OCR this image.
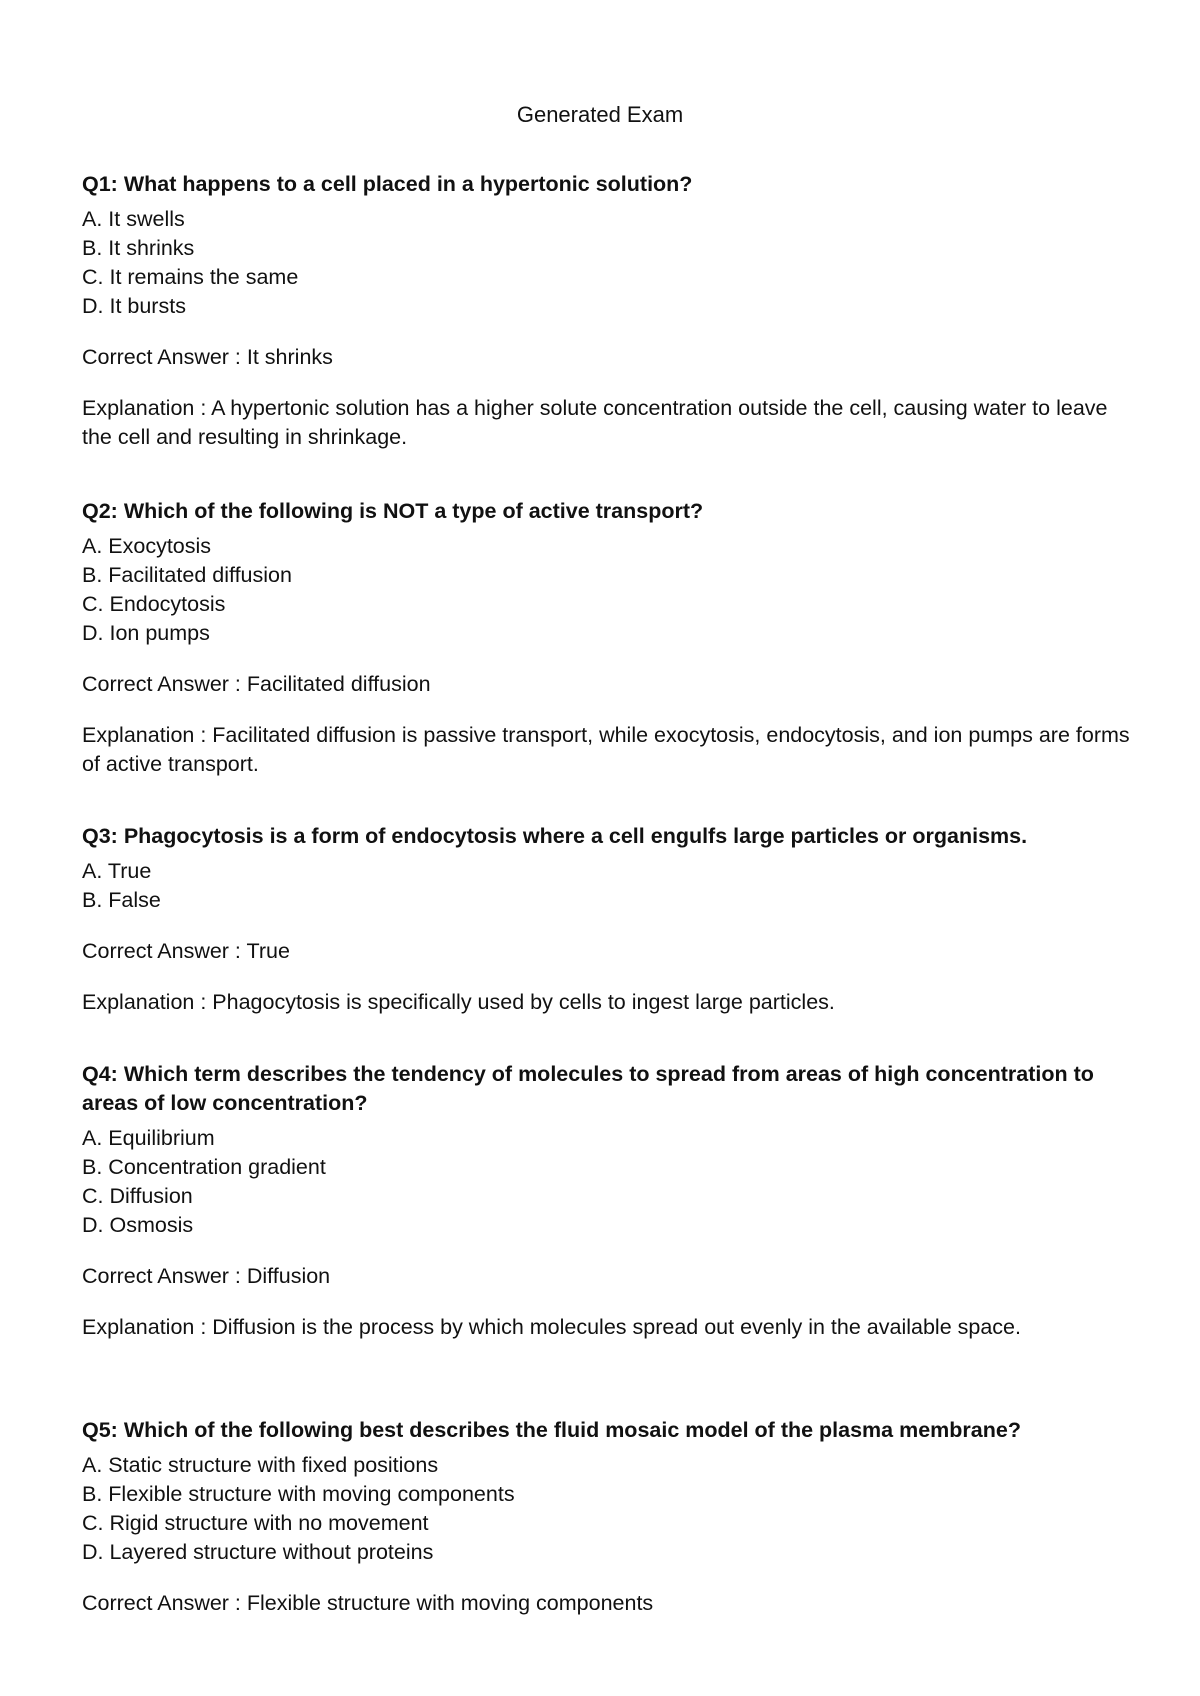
Generated Exam

Q1: What happens to a cell placed in a hypertonic solution?

A. It swells
B. It shrinks
C. It remains the same
D. It bursts

Correct Answer : It shrinks

Explanation : A hypertonic solution has a higher solute concentration outside the cell, causing water to leave the cell and resulting in shrinkage.

Q2: Which of the following is NOT a type of active transport?

A. Exocytosis
B. Facilitated diffusion
C. Endocytosis
D. Ion pumps

Correct Answer : Facilitated diffusion

Explanation : Facilitated diffusion is passive transport, while exocytosis, endocytosis, and ion pumps are forms of active transport.

Q3: Phagocytosis is a form of endocytosis where a cell engulfs large particles or organisms.

A. True
B. False

Correct Answer : True

Explanation : Phagocytosis is specifically used by cells to ingest large particles.

Q4: Which term describes the tendency of molecules to spread from areas of high concentration to areas of low concentration?

A. Equilibrium
B. Concentration gradient
C. Diffusion
D. Osmosis

Correct Answer : Diffusion

Explanation : Diffusion is the process by which molecules spread out evenly in the available space.

Q5: Which of the following best describes the fluid mosaic model of the plasma membrane?

A. Static structure with fixed positions
B. Flexible structure with moving components
C. Rigid structure with no movement
D. Layered structure without proteins

Correct Answer : Flexible structure with moving components
